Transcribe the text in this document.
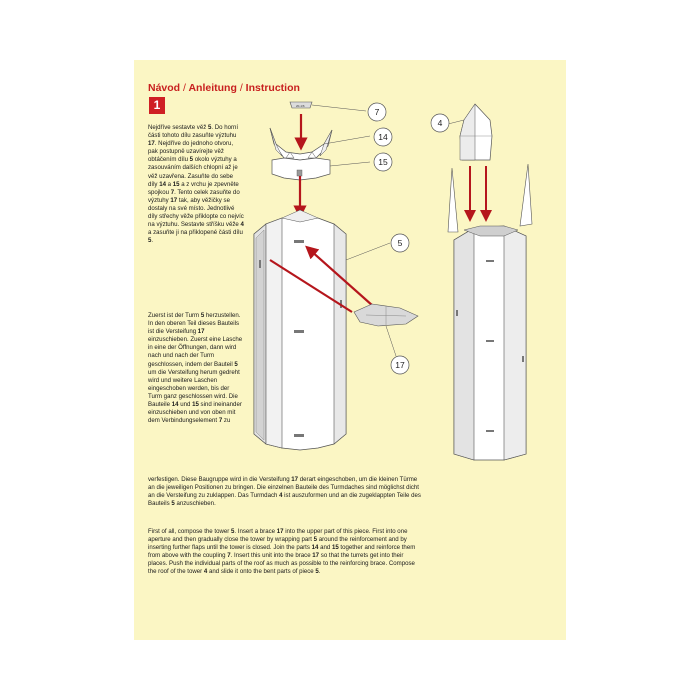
Návod / Anleitung / Instruction
1

Nejdříve sestavte věž 5. Do horní části tohoto dílu zasuňte výztuhu 17. Nejdříve do jednoho otvoru, pak postupně uzavírejte věž obtáčením dílu 5 okolo výztuhy a zasouváním dalších chlopní až je věž uzavřena. Zasuňte do sebe díly 14 a 15 a z vrchu je zpevněte spojkou 7. Tento celek zasuňte do výztuhy 17 tak, aby věžičky se dostaly na své místo. Jednotlivé díly střechy věže přiklopte co nejvíc na výztuhu. Sestavte stříšku věže 4 a zasuňte ji na přiklopené části dílu 5.

Zuerst ist der Turm 5 herzustellen. In den oberen Teil dieses Bauteils ist die Versteifung 17 einzuschieben. Zuerst eine Lasche in eine der Öffnungen, dann wird nach und nach der Turm geschlossen, indem der Bauteil 5 um die Versteifung herum gedreht wird und weitere Laschen eingeschoben werden, bis der Turm ganz geschlossen wird. Die Bauteile 14 und 15 sind ineinander einzuschieben und von oben mit dem Verbindungselement 7 zu

verfestigen. Diese Baugruppe wird in die Versteifung 17 derart eingeschoben, um die kleinen Türme an die jeweiligen Positionen zu bringen. Die einzelnen Bauteile des Turmdaches sind möglichst dicht an die Versteifung zu zuklappen. Das Turmdach 4 ist auszuformen und an die zugeklappten Teile des Bauteils 5 anzuschieben.

First of all, compose the tower 5. Insert a brace 17 into the upper part of this piece. First into one aperture and then gradually close the tower by wrapping part 5 around the reinforcement and by inserting further flaps until the tower is closed. Join the parts 14 and 15 together and reinforce them from above with the coupling 7. Insert this unit into the brace 17 so that the turrets get into their places. Push the individual parts of the roof as much as possible to the reinforcing brace. Compose the roof of the tower 4 and slide it onto the bent parts of piece 5.

20-1/6
7
14
15
5
17
4
